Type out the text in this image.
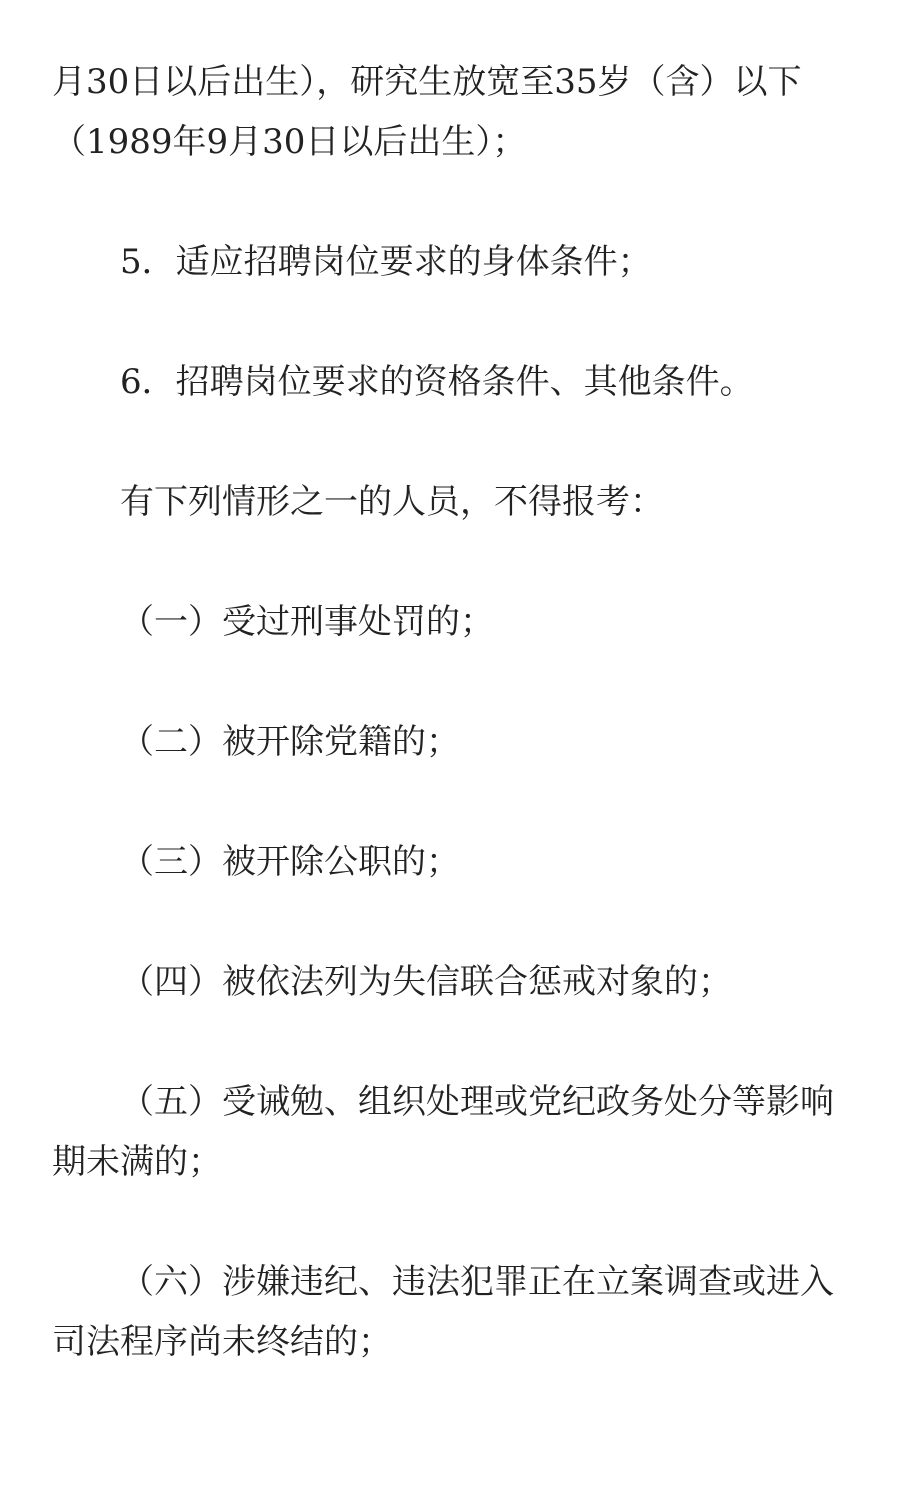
月30日以后出生），研究生放宽至35岁（含）以下（1989年9月30日以后出生）；

5．适应招聘岗位要求的身体条件；

6．招聘岗位要求的资格条件、其他条件。

有下列情形之一的人员，不得报考：

（一）受过刑事处罚的；

（二）被开除党籍的；

（三）被开除公职的；

（四）被依法列为失信联合惩戒对象的；

（五）受诫勉、组织处理或党纪政务处分等影响期未满的；

（六）涉嫌违纪、违法犯罪正在立案调查或进入司法程序尚未终结的；
